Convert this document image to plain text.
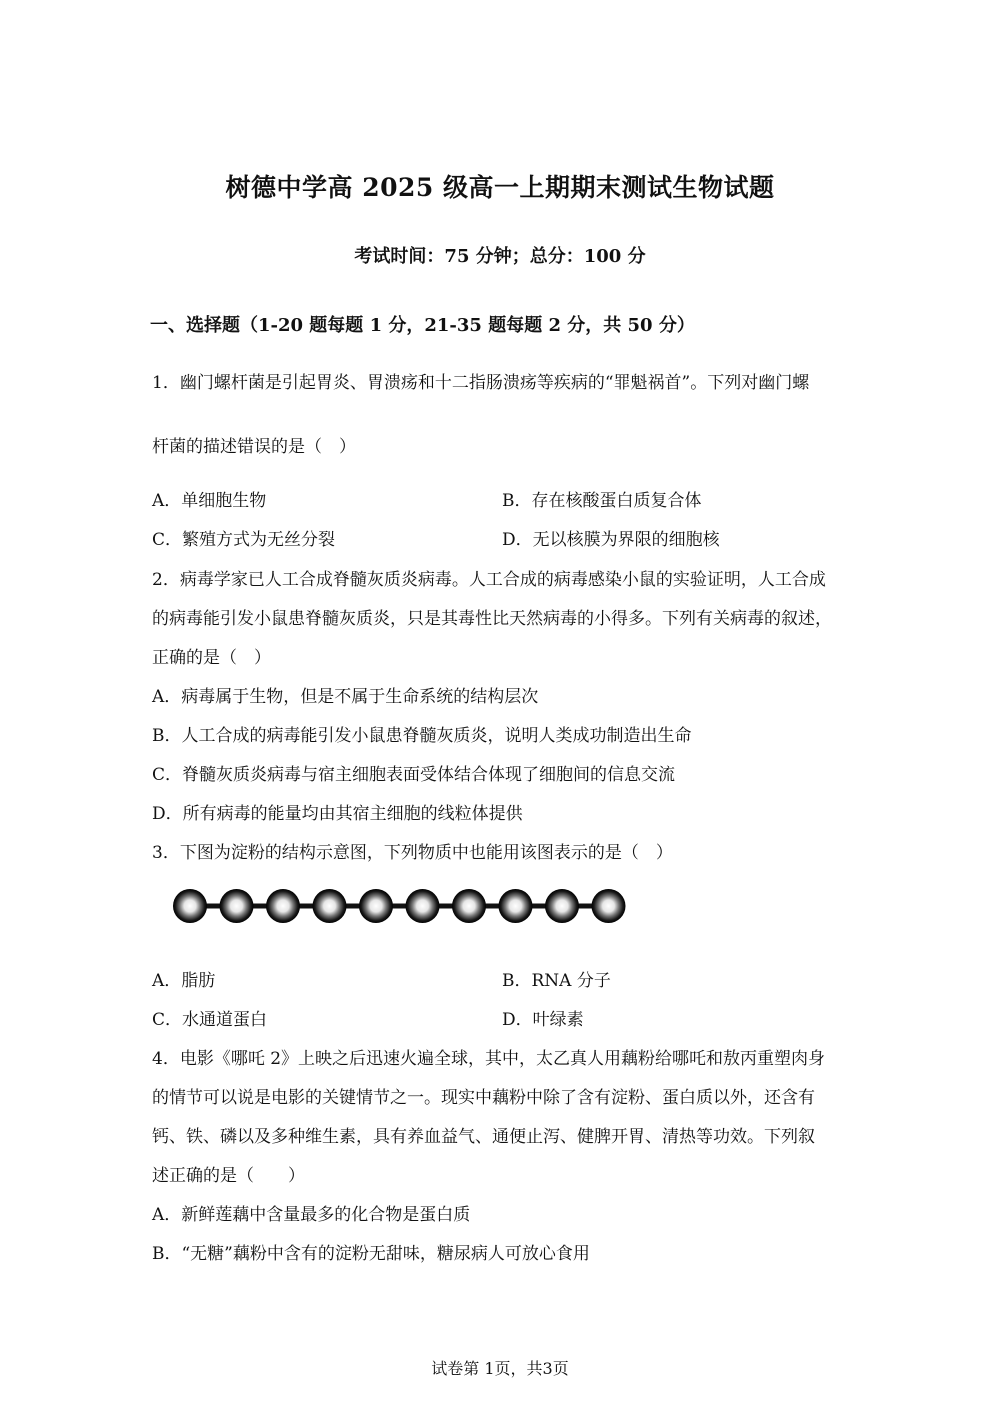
树德中学高 2025 级高一上期期末测试生物试题
考试时间：75 分钟；总分：100 分
一、选择题（1-20 题每题 1 分，21-35 题每题 2 分，共 50 分）
1．幽门螺杆菌是引起胃炎、胃溃疡和十二指肠溃疡等疾病的“罪魁祸首”。下列对幽门螺
杆菌的描述错误的是（　）
A．单细胞生物	B．存在核酸蛋白质复合体
C．繁殖方式为无丝分裂	D．无以核膜为界限的细胞核
2．病毒学家已人工合成脊髓灰质炎病毒。人工合成的病毒感染小鼠的实验证明，人工合成
的病毒能引发小鼠患脊髓灰质炎，只是其毒性比天然病毒的小得多。下列有关病毒的叙述，
正确的是（　）
A．病毒属于生物，但是不属于生命系统的结构层次
B．人工合成的病毒能引发小鼠患脊髓灰质炎，说明人类成功制造出生命
C．脊髓灰质炎病毒与宿主细胞表面受体结合体现了细胞间的信息交流
D．所有病毒的能量均由其宿主细胞的线粒体提供
3．下图为淀粉的结构示意图，下列物质中也能用该图表示的是（　）
A．脂肪	B．RNA 分子
C．水通道蛋白	D．叶绿素
4．电影《哪吒 2》上映之后迅速火遍全球，其中，太乙真人用藕粉给哪吒和敖丙重塑肉身
的情节可以说是电影的关键情节之一。现实中藕粉中除了含有淀粉、蛋白质以外，还含有
钙、铁、磷以及多种维生素，具有养血益气、通便止泻、健脾开胃、清热等功效。下列叙
述正确的是（　　）
A．新鲜莲藕中含量最多的化合物是蛋白质
B．“无糖”藕粉中含有的淀粉无甜味，糖尿病人可放心食用
试卷第 1页，共3页
